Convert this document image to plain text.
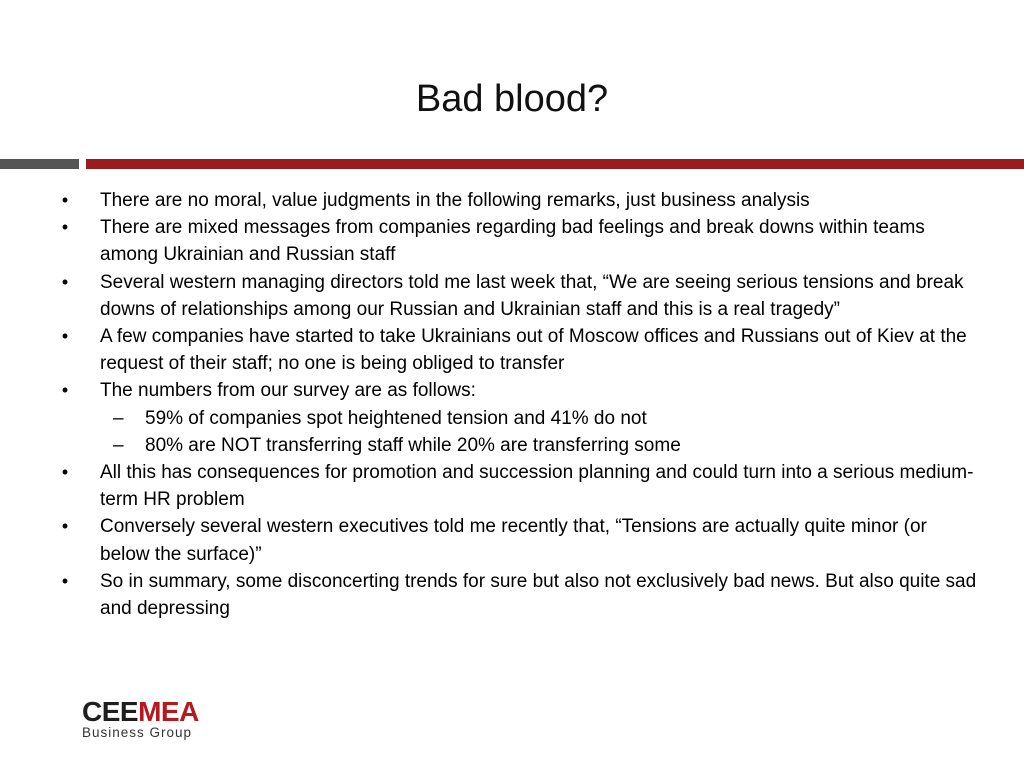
Bad blood?
• There are no moral, value judgments in the following remarks, just business analysis
• There are mixed messages from companies regarding bad feelings and break downs within teams among Ukrainian and Russian staff
• Several western managing directors told me last week that, “We are seeing serious tensions and break downs of relationships among our Russian and Ukrainian staff and this is a real tragedy”
• A few companies have started to take Ukrainians out of Moscow offices and Russians out of Kiev at the request of their staff; no one is being obliged to transfer
• The numbers from our survey are as follows:
–	59% of companies spot heightened tension and 41% do not
–	80% are NOT transferring staff while 20% are transferring some
• All this has consequences for promotion and succession planning and could turn into a serious medium-term HR problem
• Conversely several western executives told me recently that, “Tensions are actually quite minor (or below the surface)”
• So in summary, some disconcerting trends for sure but also not exclusively bad news. But also quite sad and depressing
CEEMEA
Business Group
